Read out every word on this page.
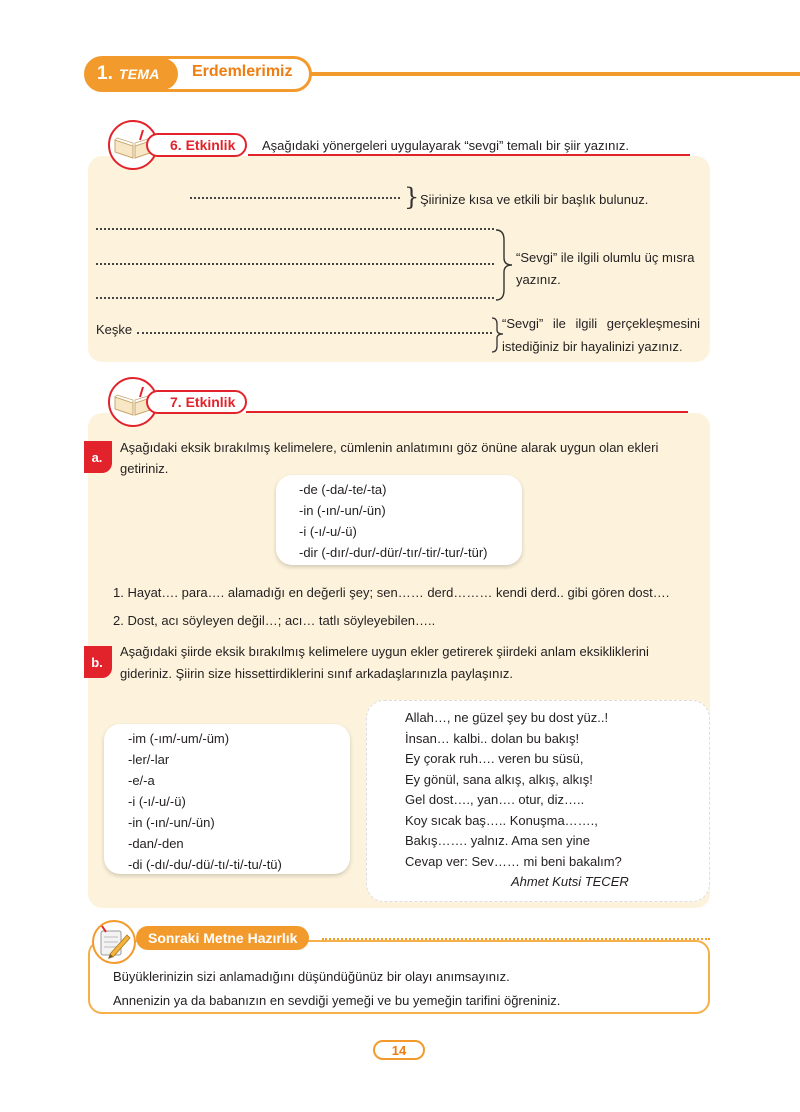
1. TEMA Erdemlerimiz
6. Etkinlik	Aşağıdaki yönergeleri uygulayarak “sevgi” temalı bir şiir yazınız.
} Şiirinize kısa ve etkili bir başlık bulunuz.
“Sevgi” ile ilgili olumlu üç mısra
yazınız.
Keşke	“Sevgi” ile ilgili gerçekleşmesini
istediğiniz bir hayalinizi yazınız.
7. Etkinlik
a.
Aşağıdaki eksik bırakılmış kelimelere, cümlenin anlatımını göz önüne alarak uygun olan ekleri
getiriniz.
-de (-da/-te/-ta)
-in (-ın/-un/-ün)
-i (-ı/-u/-ü)
-dir (-dır/-dur/-dür/-tır/-tir/-tur/-tür)
1. Hayat…. para…. alamadığı en değerli şey; sen…… derd……… kendi derd.. gibi gören dost….
2. Dost, acı söyleyen değil…; acı… tatlı söyleyebilen…..
b.
Aşağıdaki şiirde eksik bırakılmış kelimelere uygun ekler getirerek şiirdeki anlam eksikliklerini
gideriniz. Şiirin size hissettirdiklerini sınıf arkadaşlarınızla paylaşınız.
-im (-ım/-um/-üm)
-ler/-lar
-e/-a
-i (-ı/-u/-ü)
-in (-ın/-un/-ün)
-dan/-den
-di (-dı/-du/-dü/-tı/-ti/-tu/-tü)
Allah…, ne güzel şey bu dost yüz..!
İnsan… kalbi.. dolan bu bakış!
Ey çorak ruh…. veren bu süsü,
Ey gönül, sana alkış, alkış, alkış!
Gel dost…., yan…. otur, diz…..
Koy sıcak baş….. Konuşma…….,
Bakış……. yalnız. Ama sen yine
Cevap ver: Sev…… mi beni bakalım?
Ahmet Kutsi TECER
Sonraki Metne Hazırlık
Büyüklerinizin sizi anlamadığını düşündüğünüz bir olayı anımsayınız.
Annenizin ya da babanızın en sevdiği yemeği ve bu yemeğin tarifini öğreniniz.
14
